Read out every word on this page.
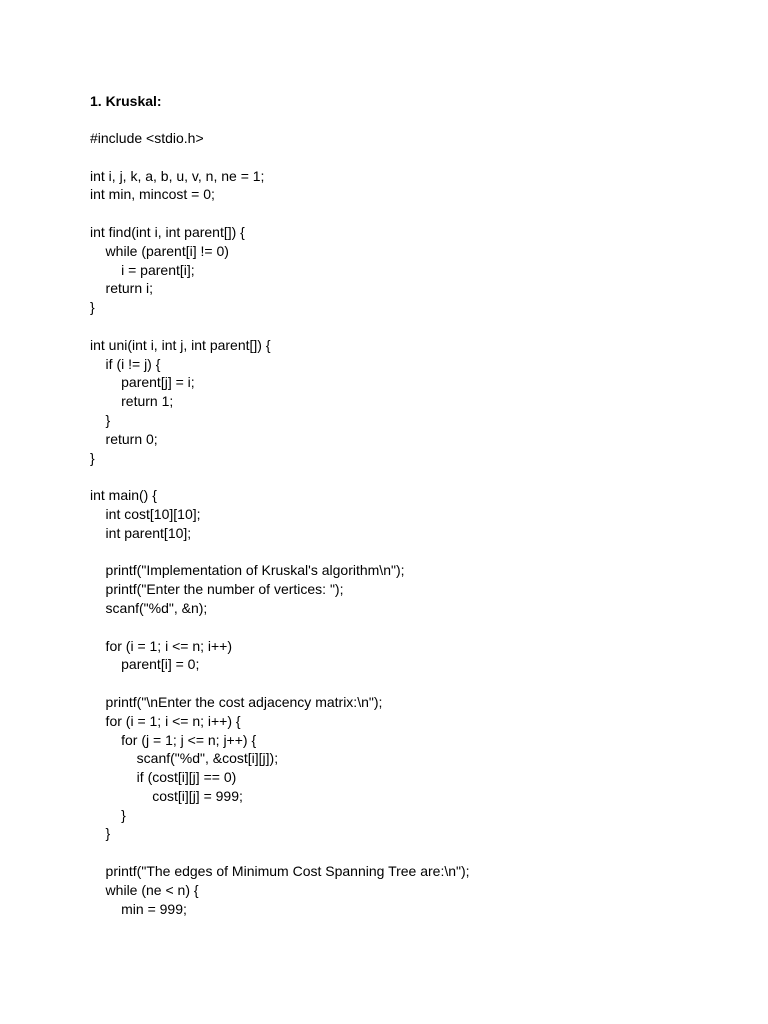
1. Kruskal:
#include <stdio.h>
int i, j, k, a, b, u, v, n, ne = 1;
int min, mincost = 0;
int find(int i, int parent[]) {
while (parent[i] != 0)
i = parent[i];
return i;
}
int uni(int i, int j, int parent[]) {
if (i != j) {
parent[j] = i;
return 1;
}
return 0;
}
int main() {
int cost[10][10];
int parent[10];
printf("Implementation of Kruskal's algorithm\n");
printf("Enter the number of vertices: ");
scanf("%d", &n);
for (i = 1; i <= n; i++)
parent[i] = 0;
printf("\nEnter the cost adjacency matrix:\n");
for (i = 1; i <= n; i++) {
for (j = 1; j <= n; j++) {
scanf("%d", &cost[i][j]);
if (cost[i][j] == 0)
cost[i][j] = 999;
}
}
printf("The edges of Minimum Cost Spanning Tree are:\n");
while (ne < n) {
min = 999;
